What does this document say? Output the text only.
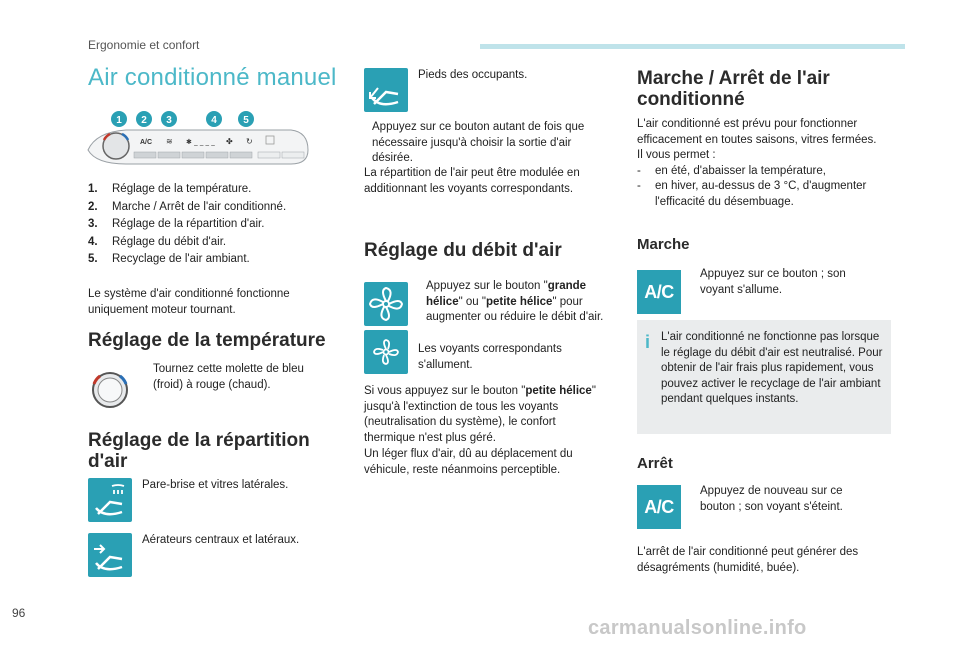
Ergonomie et confort
Air conditionné manuel
1 2 3	4	5
A/C ≋ ✱ _ _ _ _ ✤ ↻
1.	Réglage de la température.
2.	Marche / Arrêt de l'air conditionné.
3.	Réglage de la répartition d'air.
4.	Réglage du débit d'air.
5.	Recyclage de l'air ambiant.
Le système d'air conditionné fonctionne uniquement moteur tournant.
Réglage de la température
Tournez cette molette de bleu (froid) à rouge (chaud).
Réglage de la répartition d'air
Pare-brise et vitres latérales.
Aérateurs centraux et latéraux.
Pieds des occupants.
Appuyez sur ce bouton autant de fois que nécessaire jusqu'à choisir la sortie d'air désirée.
La répartition de l'air peut être modulée en additionnant les voyants correspondants.
Réglage du débit d'air
Appuyez sur le bouton "grande hélice" ou "petite hélice" pour augmenter ou réduire le débit d'air.
Les voyants correspondants s'allument.
Si vous appuyez sur le bouton "petite hélice" jusqu'à l'extinction de tous les voyants (neutralisation du système), le confort thermique n'est plus géré.
Un léger flux d'air, dû au déplacement du véhicule, reste néanmoins perceptible.
Marche / Arrêt de l'air conditionné
L'air conditionné est prévu pour fonctionner efficacement en toutes saisons, vitres fermées.
Il vous permet :
-	en été, d'abaisser la température,
-	en hiver, au-dessus de 3 °C, d'augmenter l'efficacité du désembuage.
Marche
A/C
Appuyez sur ce bouton ; son voyant s'allume.
i L'air conditionné ne fonctionne pas lorsque le réglage du débit d'air est neutralisé. Pour obtenir de l'air frais plus rapidement, vous pouvez activer le recyclage de l'air ambiant pendant quelques instants.
Arrêt
A/C
Appuyez de nouveau sur ce bouton ; son voyant s'éteint.
L'arrêt de l'air conditionné peut générer des désagréments (humidité, buée).
96
carmanualsonline.info
